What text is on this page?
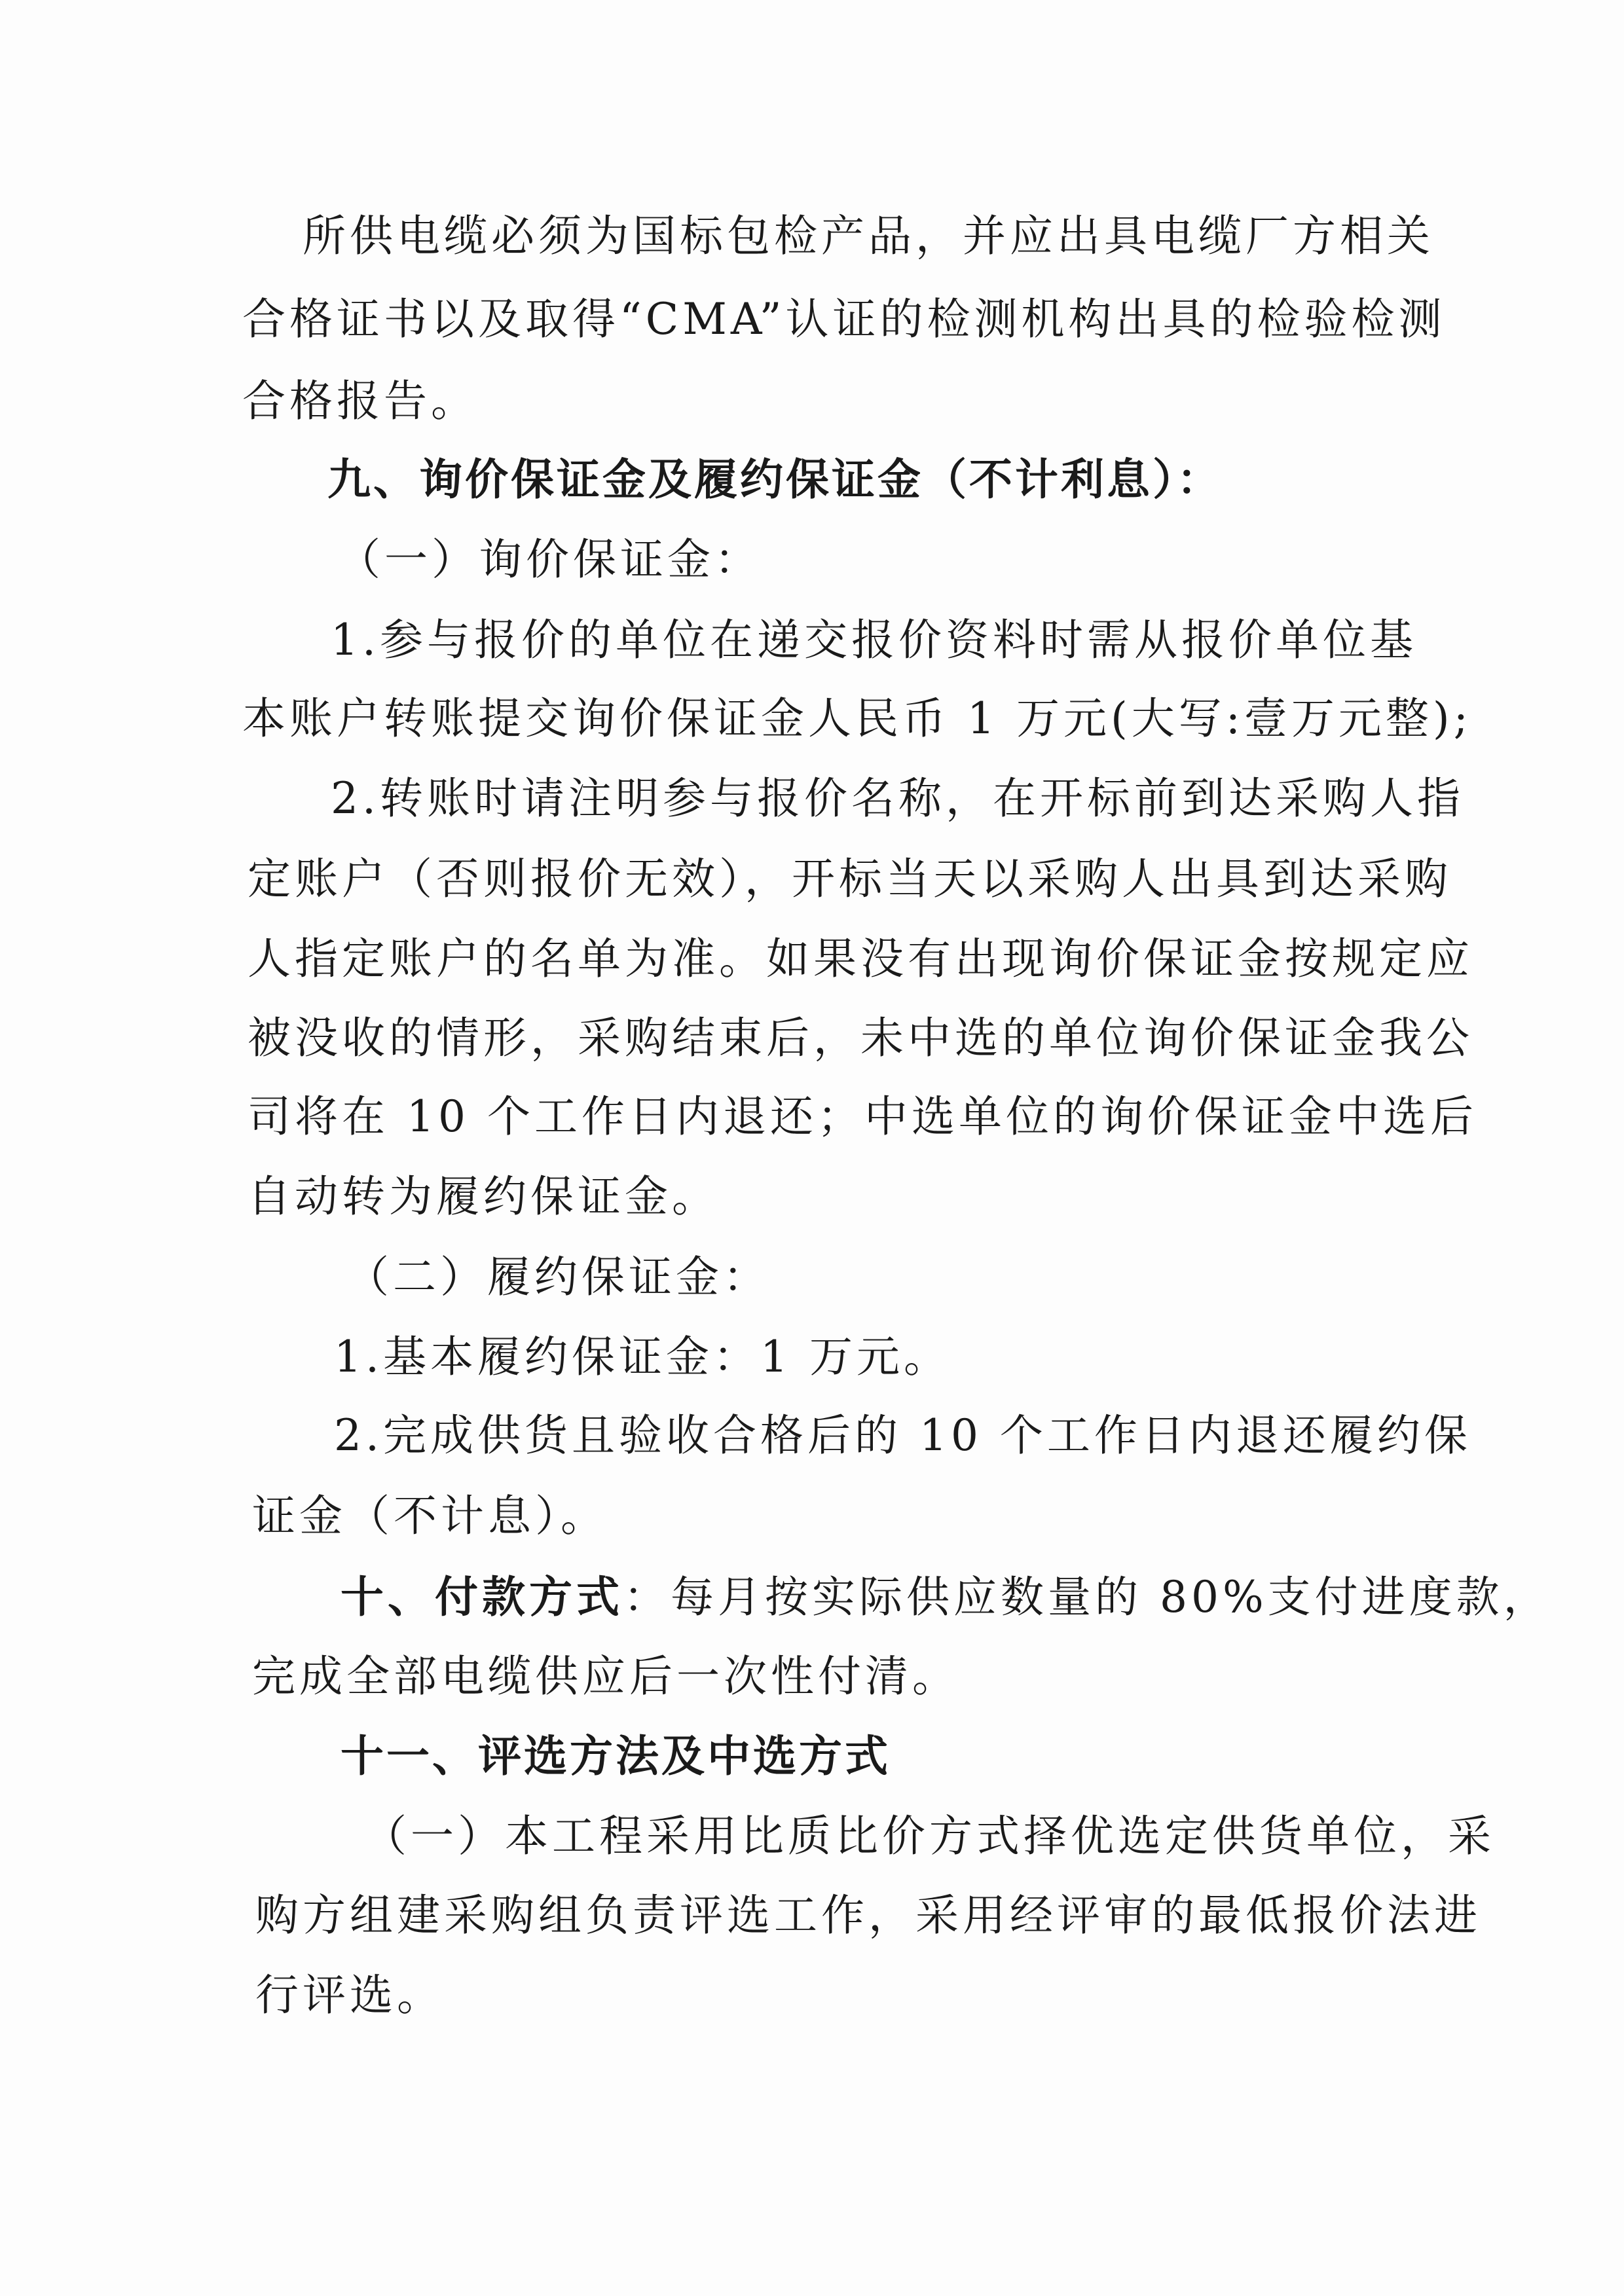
所供电缆必须为国标包检产品，并应出具电缆厂方相关
合格证书以及取得“CMA”认证的检测机构出具的检验检测
合格报告。
九、询价保证金及履约保证金（不计利息）：
（一）询价保证金：
1.参与报价的单位在递交报价资料时需从报价单位基
本账户转账提交询价保证金人民币 1 万元(大写:壹万元整);
2.转账时请注明参与报价名称，在开标前到达采购人指
定账户（否则报价无效），开标当天以采购人出具到达采购
人指定账户的名单为准。如果没有出现询价保证金按规定应
被没收的情形，采购结束后，未中选的单位询价保证金我公
司将在 10 个工作日内退还；中选单位的询价保证金中选后
自动转为履约保证金。
（二）履约保证金：
1.基本履约保证金：1 万元。
2.完成供货且验收合格后的 10 个工作日内退还履约保
证金（不计息）。
十、付款方式：每月按实际供应数量的 80%支付进度款，
完成全部电缆供应后一次性付清。
十一、评选方法及中选方式
（一）本工程采用比质比价方式择优选定供货单位，采
购方组建采购组负责评选工作，采用经评审的最低报价法进
行评选。
